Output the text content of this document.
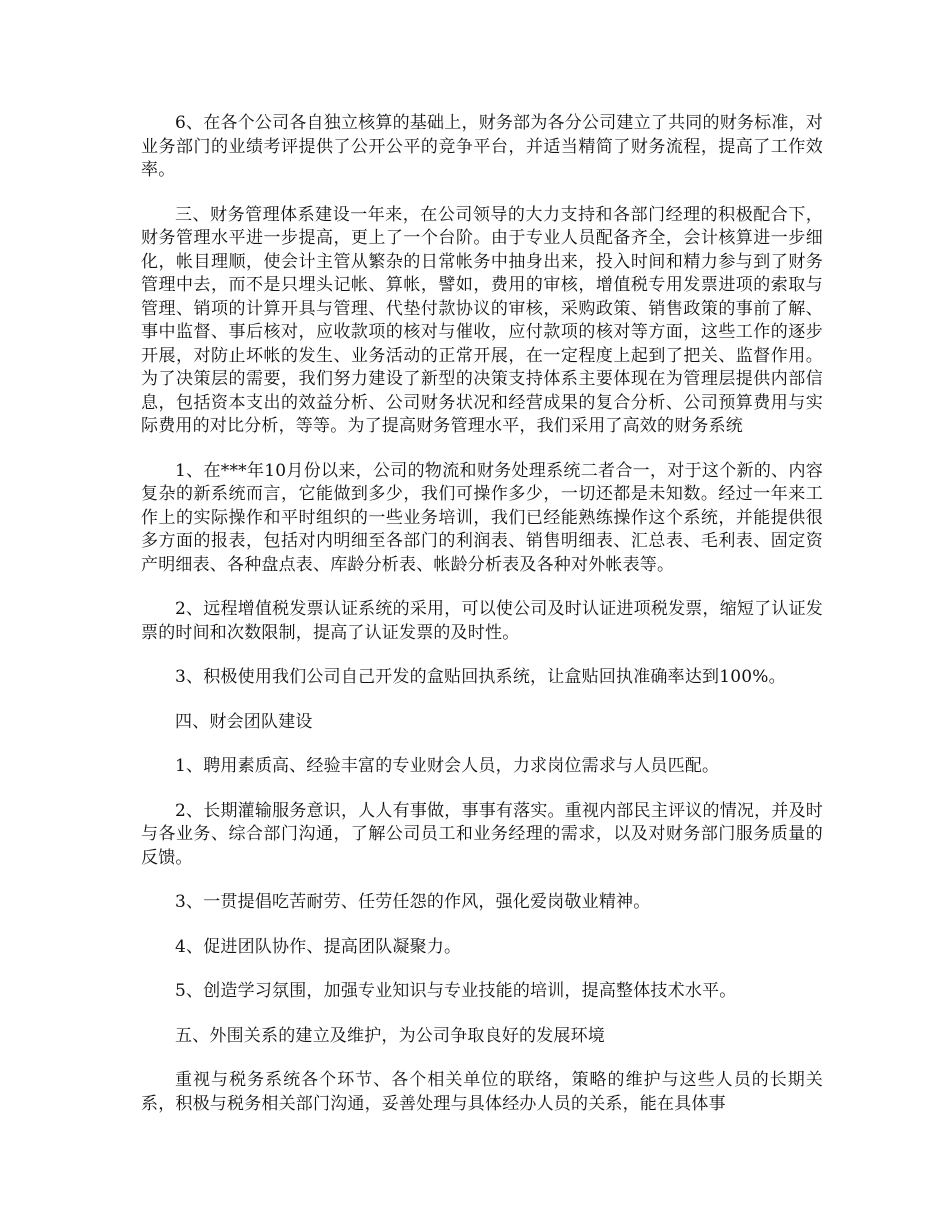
6、在各个公司各自独立核算的基础上，财务部为各分公司建立了共同的财务标准，对业务部门的业绩考评提供了公开公平的竞争平台，并适当精简了财务流程，提高了工作效率。

三、财务管理体系建设一年来，在公司领导的大力支持和各部门经理的积极配合下，财务管理水平进一步提高，更上了一个台阶。由于专业人员配备齐全，会计核算进一步细化，帐目理顺，使会计主管从繁杂的日常帐务中抽身出来，投入时间和精力参与到了财务管理中去，而不是只埋头记帐、算帐，譬如，费用的审核，增值税专用发票进项的索取与管理、销项的计算开具与管理、代垫付款协议的审核，采购政策、销售政策的事前了解、事中监督、事后核对，应收款项的核对与催收，应付款项的核对等方面，这些工作的逐步开展，对防止坏帐的发生、业务活动的正常开展，在一定程度上起到了把关、监督作用。为了决策层的需要，我们努力建设了新型的决策支持体系主要体现在为管理层提供内部信息，包括资本支出的效益分析、公司财务状况和经营成果的复合分析、公司预算费用与实际费用的对比分析，等等。为了提高财务管理水平，我们采用了高效的财务系统

1、在***年10月份以来，公司的物流和财务处理系统二者合一，对于这个新的、内容复杂的新系统而言，它能做到多少，我们可操作多少，一切还都是未知数。经过一年来工作上的实际操作和平时组织的一些业务培训，我们已经能熟练操作这个系统，并能提供很多方面的报表，包括对内明细至各部门的利润表、销售明细表、汇总表、毛利表、固定资产明细表、各种盘点表、库龄分析表、帐龄分析表及各种对外帐表等。

2、远程增值税发票认证系统的采用，可以使公司及时认证进项税发票，缩短了认证发票的时间和次数限制，提高了认证发票的及时性。

3、积极使用我们公司自己开发的盒贴回执系统，让盒贴回执准确率达到100%。

四、财会团队建设

1、聘用素质高、经验丰富的专业财会人员，力求岗位需求与人员匹配。

2、长期灌输服务意识，人人有事做，事事有落实。重视内部民主评议的情况，并及时与各业务、综合部门沟通，了解公司员工和业务经理的需求，以及对财务部门服务质量的反馈。

3、一贯提倡吃苦耐劳、任劳任怨的作风，强化爱岗敬业精神。

4、促进团队协作、提高团队凝聚力。

5、创造学习氛围，加强专业知识与专业技能的培训，提高整体技术水平。

五、外围关系的建立及维护，为公司争取良好的发展环境

重视与税务系统各个环节、各个相关单位的联络，策略的维护与这些人员的长期关系，积极与税务相关部门沟通，妥善处理与具体经办人员的关系，能在具体事
